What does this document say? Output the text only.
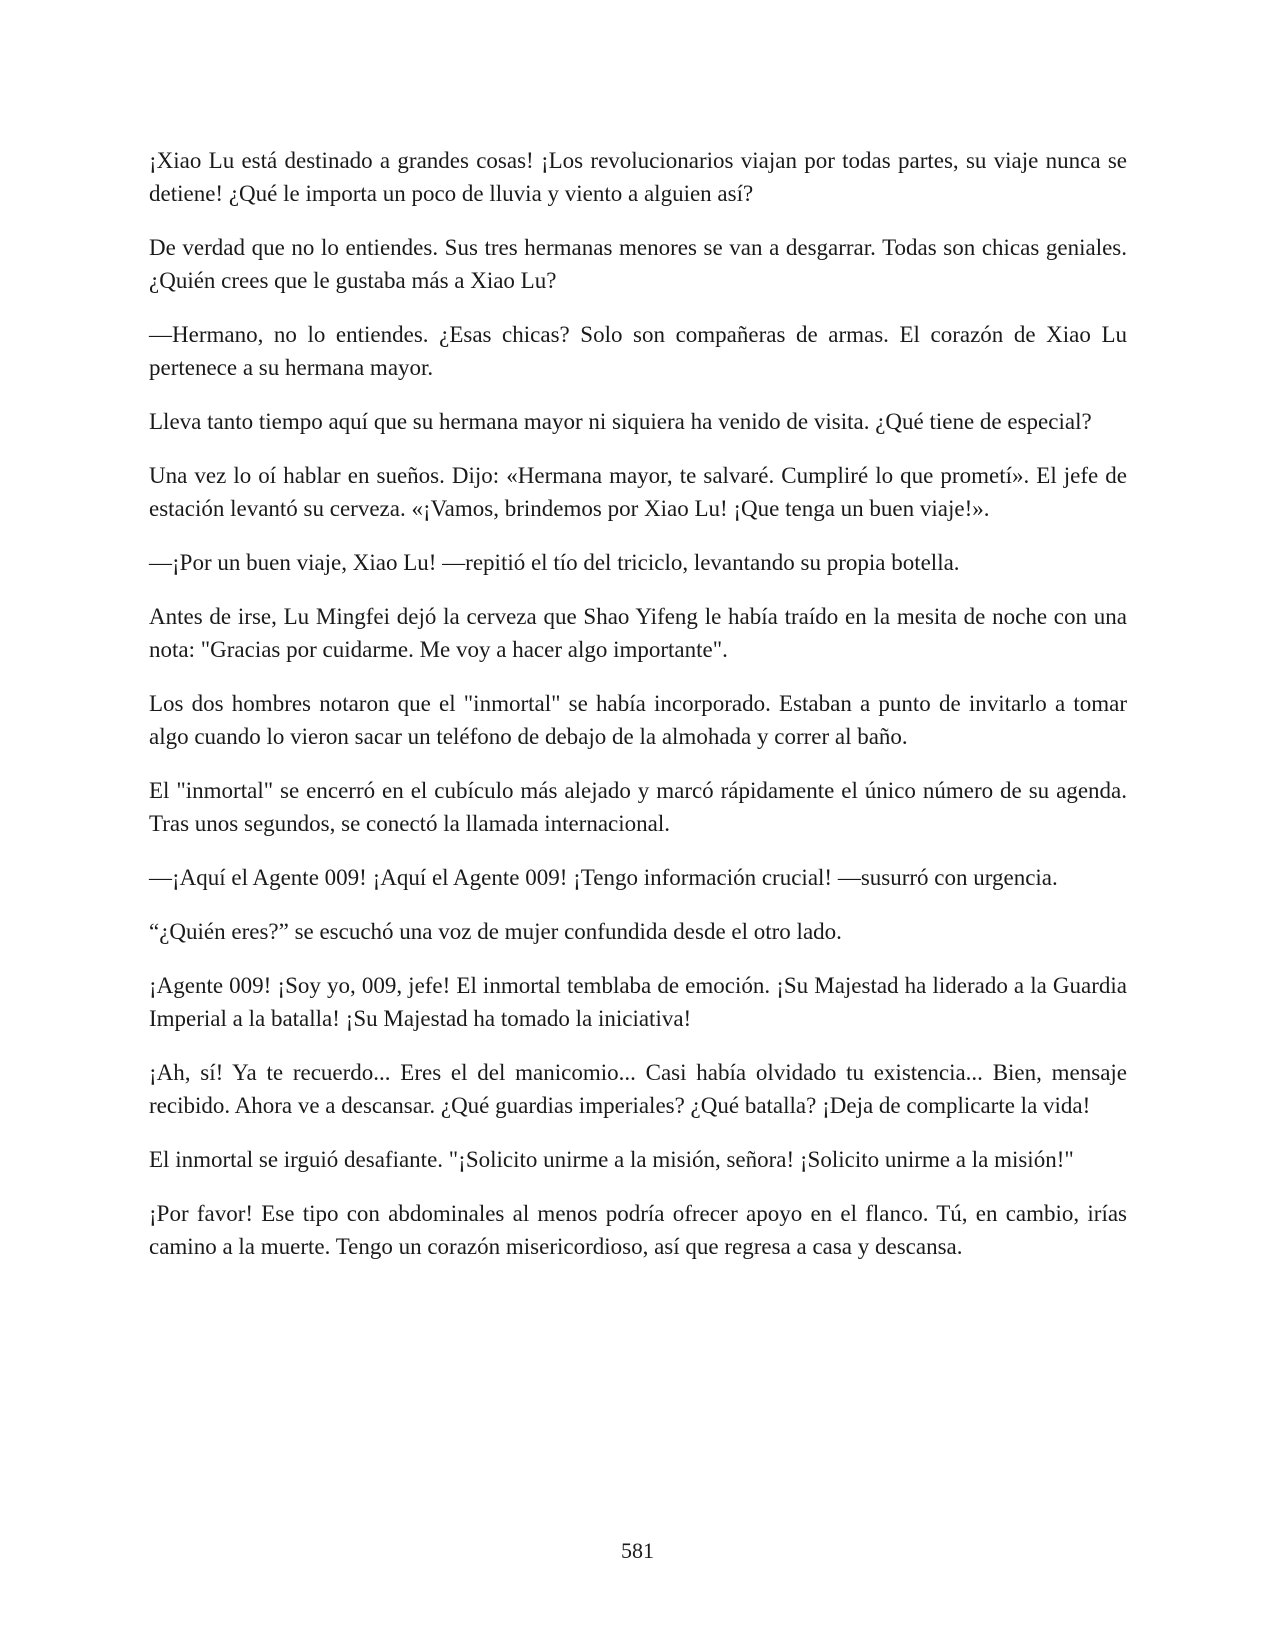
¡Xiao Lu está destinado a grandes cosas! ¡Los revolucionarios viajan por todas partes, su viaje nunca se detiene! ¿Qué le importa un poco de lluvia y viento a alguien así?

De verdad que no lo entiendes. Sus tres hermanas menores se van a desgarrar. Todas son chicas geniales. ¿Quién crees que le gustaba más a Xiao Lu?

—Hermano, no lo entiendes. ¿Esas chicas? Solo son compañeras de armas. El corazón de Xiao Lu pertenece a su hermana mayor.

Lleva tanto tiempo aquí que su hermana mayor ni siquiera ha venido de visita. ¿Qué tiene de especial?

Una vez lo oí hablar en sueños. Dijo: «Hermana mayor, te salvaré. Cumpliré lo que prometí». El jefe de estación levantó su cerveza. «¡Vamos, brindemos por Xiao Lu! ¡Que tenga un buen viaje!».

—¡Por un buen viaje, Xiao Lu! —repitió el tío del triciclo, levantando su propia botella.

Antes de irse, Lu Mingfei dejó la cerveza que Shao Yifeng le había traído en la mesita de noche con una nota: "Gracias por cuidarme. Me voy a hacer algo importante".

Los dos hombres notaron que el "inmortal" se había incorporado. Estaban a punto de invitarlo a tomar algo cuando lo vieron sacar un teléfono de debajo de la almohada y correr al baño.

El "inmortal" se encerró en el cubículo más alejado y marcó rápidamente el único número de su agenda. Tras unos segundos, se conectó la llamada internacional.

—¡Aquí el Agente 009! ¡Aquí el Agente 009! ¡Tengo información crucial! —susurró con urgencia.

“¿Quién eres?” se escuchó una voz de mujer confundida desde el otro lado.

¡Agente 009! ¡Soy yo, 009, jefe! El inmortal temblaba de emoción. ¡Su Majestad ha liderado a la Guardia Imperial a la batalla! ¡Su Majestad ha tomado la iniciativa!

¡Ah, sí! Ya te recuerdo... Eres el del manicomio... Casi había olvidado tu existencia... Bien, mensaje recibido. Ahora ve a descansar. ¿Qué guardias imperiales? ¿Qué batalla? ¡Deja de complicarte la vida!

El inmortal se irguió desafiante. "¡Solicito unirme a la misión, señora! ¡Solicito unirme a la misión!"

¡Por favor! Ese tipo con abdominales al menos podría ofrecer apoyo en el flanco. Tú, en cambio, irías camino a la muerte. Tengo un corazón misericordioso, así que regresa a casa y descansa.

581
